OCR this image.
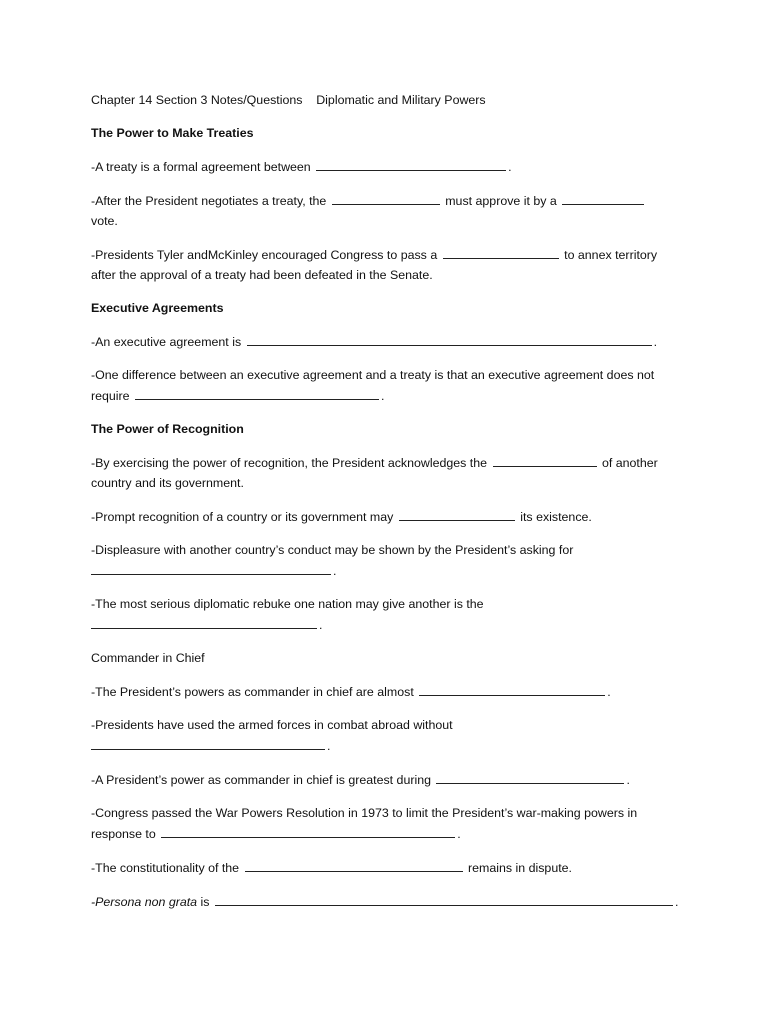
Chapter 14 Section 3 Notes/Questions Diplomatic and Military Powers

The Power to Make Treaties

-A treaty is a formal agreement between	.

-After the President negotiates a treaty, the	must approve it by a
vote.

-Presidents Tyler andMcKinley encouraged Congress to pass a	to annex territory
after the approval of a treaty had been defeated in the Senate.

Executive Agreements

-An executive agreement is	.

-One difference between an executive agreement and a treaty is that an executive agreement does not
require	.

The Power of Recognition

-By exercising the power of recognition, the President acknowledges the	of another
country and its government.

-Prompt recognition of a country or its government may	its existence.

-Displeasure with another country’s conduct may be shown by the President’s asking for
.

-The most serious diplomatic rebuke one nation may give another is the
.

Commander in Chief

-The President’s powers as commander in chief are almost	.

-Presidents have used the armed forces in combat abroad without
.

-A President’s power as commander in chief is greatest during	.

-Congress passed the War Powers Resolution in 1973 to limit the President’s war-making powers in
response to	.

-The constitutionality of the	remains in dispute.

-Persona non grata is	.
